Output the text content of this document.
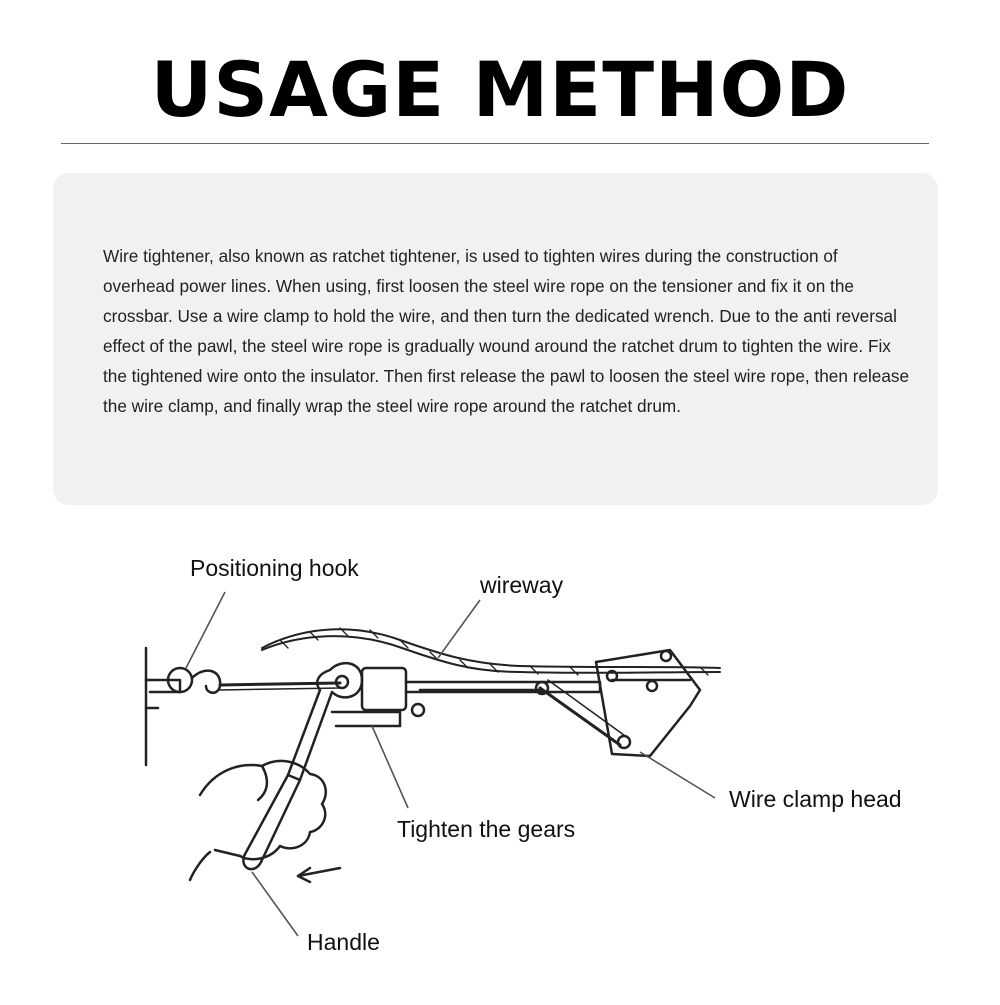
USAGE METHOD
Wire tightener, also known as ratchet tightener, is used to tighten wires during the construction of overhead power lines. When using, first loosen the steel wire rope on the tensioner and fix it on the crossbar. Use a wire clamp to hold the wire, and then turn the dedicated wrench. Due to the anti reversal effect of the pawl, the steel wire rope is gradually wound around the ratchet drum to tighten the wire. Fix the tightened wire onto the insulator. Then first release the pawl to loosen the steel wire rope, then release the wire clamp, and finally wrap the steel wire rope around the ratchet drum.
Positioning hook
wireway
Wire clamp head
Tighten the gears
Handle
